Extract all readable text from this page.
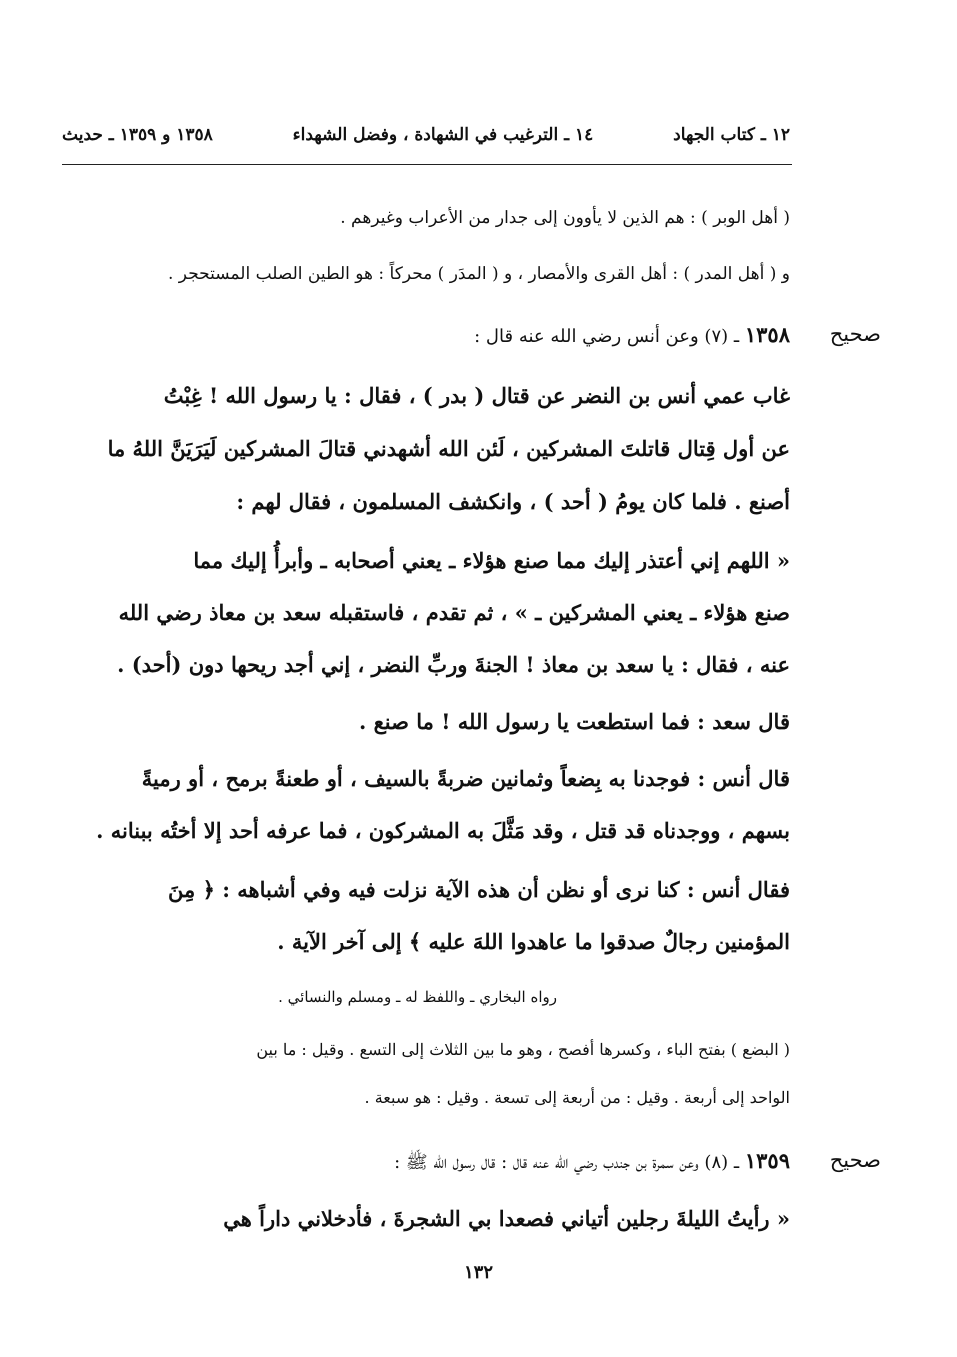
١٢ ـ كتاب الجهاد
١٤ ـ الترغيب في الشهادة ، وفضل الشهداء
١٣٥٨ و ١٣٥٩ ـ حديث
( أهل الوبر ) : هم الذين لا يأوون إلى جدار من الأعراب وغيرهم .
و ( أهل المدر ) : أهل القرى والأمصار ، و ( المدَر ) محركاً : هو الطين الصلب المستحجر .
صحيح
١٣٥٨ ـ (٧) وعن أنس رضي الله عنه قال :
غاب عمي أنس بن النضر عن قتال ( بدر ) ، فقال : يا رسول الله ! غِبْتُ
عن أول قِتال قاتلتَ المشركين ، لَئن الله أشهدني قتالَ المشركين لَيَرَيَنَّ اللهُ ما
أصنع . فلما كان يومُ ( أحد ) ، وانكشف المسلمون ، فقال لهم :
« اللهم إني أعتذر إليك مما صنع هؤلاء ـ يعني أصحابه ـ وأبرأُ إليك مما
صنع هؤلاء ـ يعني المشركين ـ » ، ثم تقدم ، فاستقبله سعد بن معاذ رضي الله
عنه ، فقال : يا سعد بن معاذ ! الجنةَ وربِّ النضر ، إني أجد ريحها دون (أحد) .
قال سعد : فما استطعت يا رسول الله ! ما صنع .
قال أنس : فوجدنا به بِضعاً وثمانين ضربةً بالسيف ، أو طعنةً برمح ، أو رميةً
بسهم ، ووجدناه قد قتل ، وقد مَثَّلَ به المشركون ، فما عرفه أحد إلا أختُه ببنانه .
فقال أنس : كنا نرى أو نظن أن هذه الآية نزلت فيه وفي أشباهه : ﴿ مِنَ
المؤمنين رجالٌ صدقوا ما عاهدوا اللهَ عليه ﴾ إلى آخر الآية .
رواه البخاري ـ واللفظ له ـ ومسلم والنسائي .
( البضع ) بفتح الباء ، وكسرها أفصح ، وهو ما بين الثلاث إلى التسع . وقيل : ما بين
الواحد إلى أربعة . وقيل : من أربعة إلى تسعة . وقيل : هو سبعة .
صحيح
١٣٥٩ ـ (٨) وعن سمرة بن جندب رضي الله عنه قال : قال رسول الله ﷺ :
« رأيتُ الليلةَ رجلين أتياني فصعدا بي الشجرةَ ، فأدخلاني داراً هي
١٣٢
